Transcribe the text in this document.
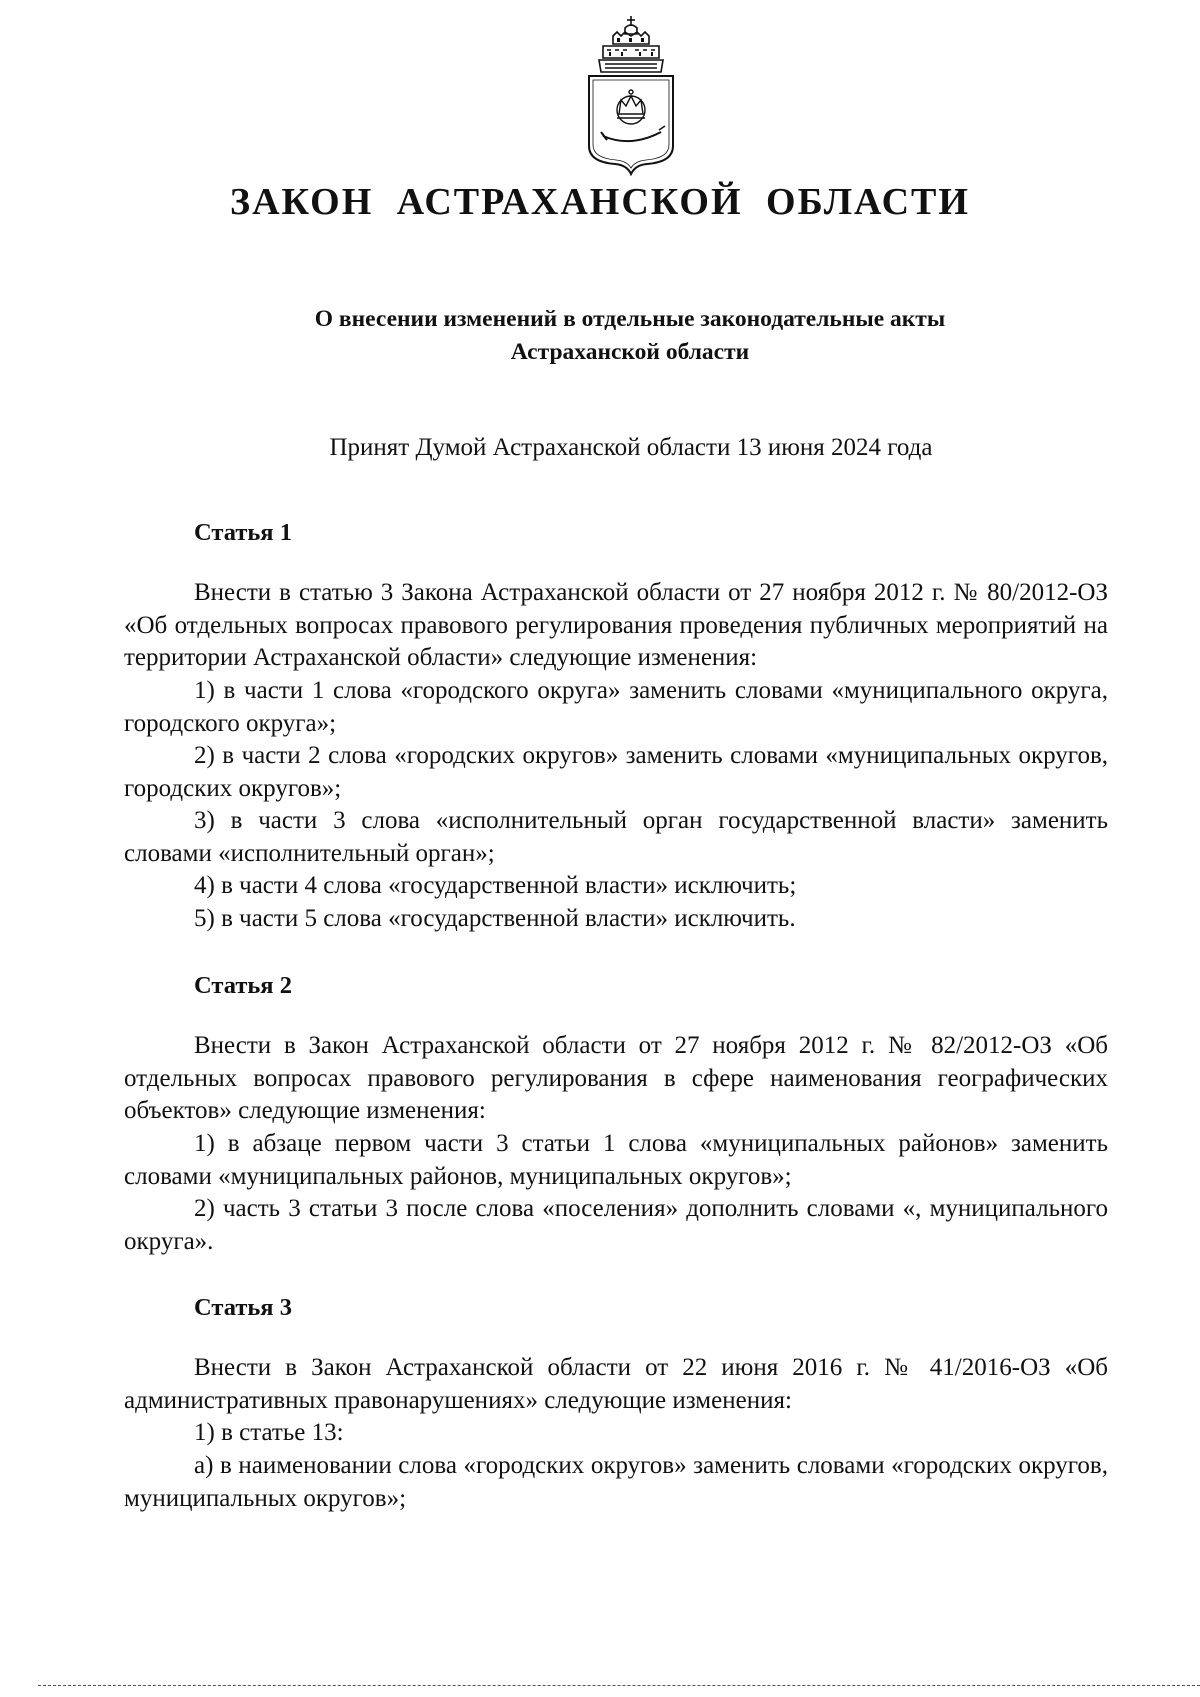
ЗАКОН АСТРАХАНСКОЙ ОБЛАСТИ
О внесении изменений в отдельные законодательные акты
Астраханской области

Принят Думой Астраханской области 13 июня 2024 года

Статья 1

Внести в статью 3 Закона Астраханской области от 27 ноября 2012 г. № 80/2012-ОЗ «Об отдельных вопросах правового регулирования проведения публичных мероприятий на территории Астраханской области» следующие изменения:

1) в части 1 слова «городского округа» заменить словами «муниципального округа, городского округа»;

2) в части 2 слова «городских округов» заменить словами «муниципальных округов, городских округов»;

3) в части 3 слова «исполнительный орган государственной власти» заменить словами «исполнительный орган»;

4) в части 4 слова «государственной власти» исключить;

5) в части 5 слова «государственной власти» исключить.

Статья 2

Внести в Закон Астраханской области от 27 ноября 2012 г. № 82/2012-ОЗ «Об отдельных вопросах правового регулирования в сфере наименования географических объектов» следующие изменения:

1) в абзаце первом части 3 статьи 1 слова «муниципальных районов» заменить словами «муниципальных районов, муниципальных округов»;

2) часть 3 статьи 3 после слова «поселения» дополнить словами «, муниципального округа».

Статья 3

Внести в Закон Астраханской области от 22 июня 2016 г. № 41/2016-ОЗ «Об административных правонарушениях» следующие изменения:

1) в статье 13:

а) в наименовании слова «городских округов» заменить словами «городских округов, муниципальных округов»;
